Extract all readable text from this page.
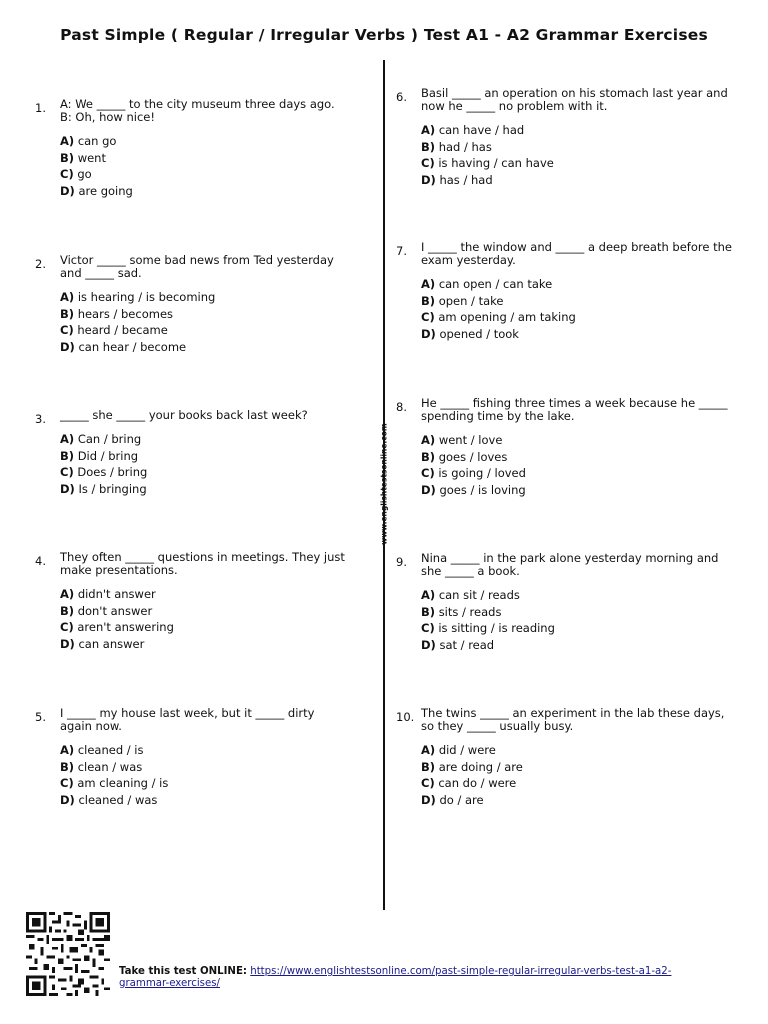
Past Simple ( Regular / Irregular Verbs ) Test A1 - A2 Grammar Exercises
www.englishtestsonline.com
1. A: We _____ to the city museum three days ago. B: Oh, how nice!
A) can go
B) went
C) go
D) are going
2. Victor _____ some bad news from Ted yesterday and _____ sad.
A) is hearing / is becoming
B) hears / becomes
C) heard / became
D) can hear / become
3. _____ she _____ your books back last week?
A) Can / bring
B) Did / bring
C) Does / bring
D) Is / bringing
4. They often _____ questions in meetings. They just make presentations.
A) didn't answer
B) don't answer
C) aren't answering
D) can answer
5. I _____ my house last week, but it _____ dirty again now.
A) cleaned / is
B) clean / was
C) am cleaning / is
D) cleaned / was
6. Basil _____ an operation on his stomach last year and now he _____ no problem with it.
A) can have / had
B) had / has
C) is having / can have
D) has / had
7. I _____ the window and _____ a deep breath before the exam yesterday.
A) can open / can take
B) open / take
C) am opening / am taking
D) opened / took
8. He _____ fishing three times a week because he _____ spending time by the lake.
A) went / love
B) goes / loves
C) is going / loved
D) goes / is loving
9. Nina _____ in the park alone yesterday morning and she _____ a book.
A) can sit / reads
B) sits / reads
C) is sitting / is reading
D) sat / read
10. The twins _____ an experiment in the lab these days, so they _____ usually busy.
A) did / were
B) are doing / are
C) can do / were
D) do / are
Take this test ONLINE: https://www.englishtestsonline.com/past-simple-regular-irregular-verbs-test-a1-a2-grammar-exercises/
